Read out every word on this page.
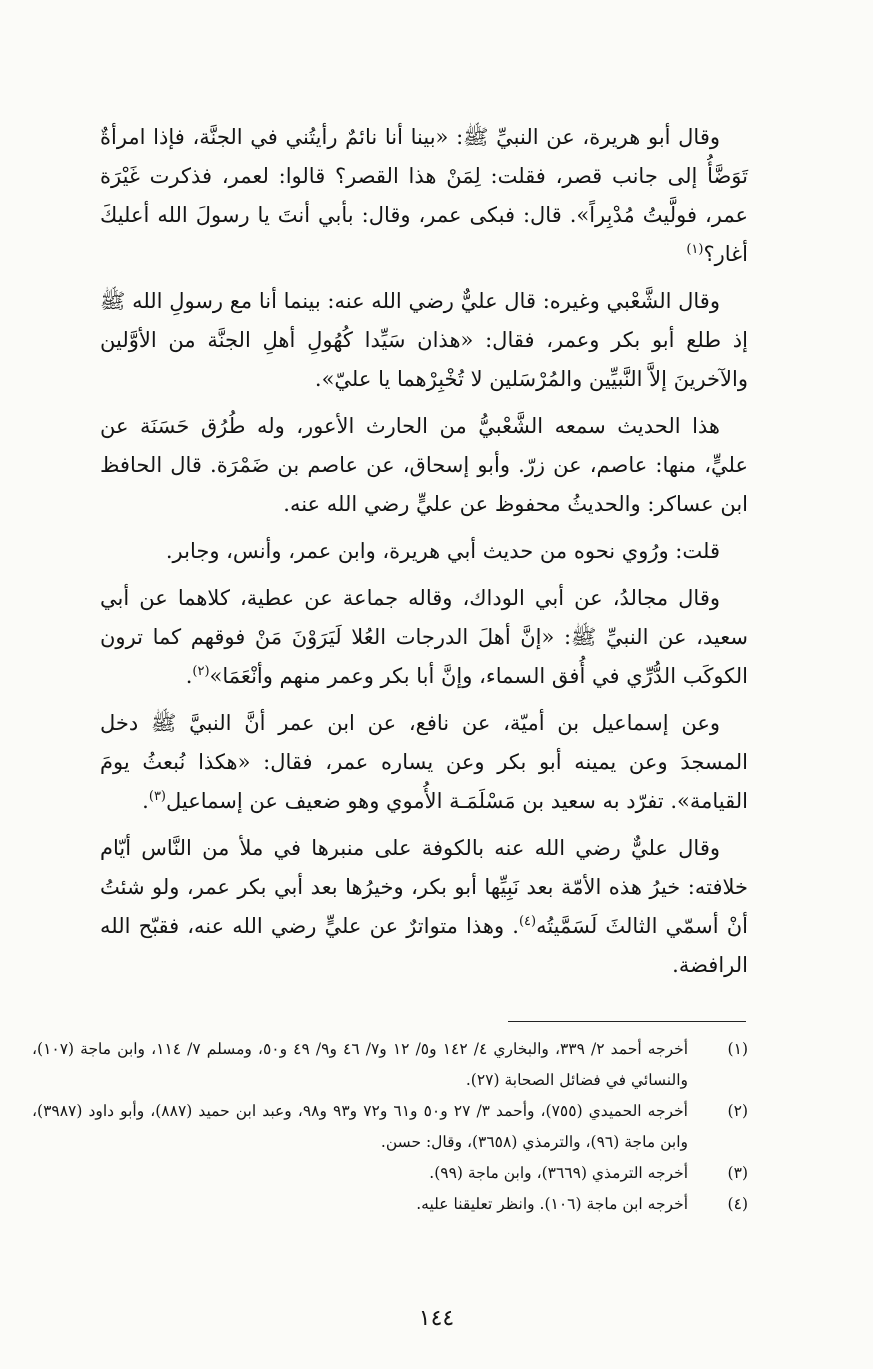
وقال أبو هريرة، عن النبيِّ ﷺ: «بينا أنا نائمٌ رأيتُني في الجنَّة، فإذا امرأةٌ تَوَضَّأُ إلى جانب قصر، فقلت: لِمَنْ هذا القصر؟ قالوا: لعمر، فذكرت غَيْرَة عمر، فولَّيتُ مُدْبِراً». قال: فبكى عمر، وقال: بأبي أنتَ يا رسولَ الله أعليكَ أغار؟$^{(١)}$

وقال الشَّعْبي وغيره: قال عليٌّ رضي الله عنه: بينما أنا مع رسولِ الله ﷺ إذ طلع أبو بكر وعمر، فقال: «هذان سَيِّدا كُهُولِ أهلِ الجنَّة من الأوَّلين والآخرينَ إلاَّ النَّبيِّين والمُرْسَلين لا تُخْبِرْهما يا عليّ».

هذا الحديث سمعه الشَّعْبيُّ من الحارث الأعور، وله طُرُق حَسَنَة عن عليٍّ، منها: عاصم، عن زرّ. وأبو إسحاق، عن عاصم بن ضَمْرَة. قال الحافظ ابن عساكر: والحديثُ محفوظ عن عليٍّ رضي الله عنه.

قلت: ورُوي نحوه من حديث أبي هريرة، وابن عمر، وأنس، وجابر.

وقال مجالدُ، عن أبي الوداك، وقاله جماعة عن عطية، كلاهما عن أبي سعيد، عن النبيِّ ﷺ: «إنَّ أهلَ الدرجات العُلا لَيَرَوْنَ مَنْ فوقهم كما ترون الكوكَب الدُّرِّي في أُفق السماء، وإنَّ أبا بكر وعمر منهم وأنْعَمَا»$^{(٢)}$.

وعن إسماعيل بن أميّة، عن نافع، عن ابن عمر أنَّ النبيَّ ﷺ دخل المسجدَ وعن يمينه أبو بكر وعن يساره عمر، فقال: «هكذا نُبعثُ يومَ القيامة». تفرّد به سعيد بن مَسْلَمَـة الأُموي وهو ضعيف عن إسماعيل$^{(٣)}$.

وقال عليٌّ رضي الله عنه بالكوفة على منبرها في ملأ من النَّاس أيّام خلافته: خيرُ هذه الأمّة بعد نَبِيِّها أبو بكر، وخيرُها بعد أبي بكر عمر، ولو شئتُ أنْ أسمّي الثالثَ لَسَمَّيتُه$^{(٤)}$. وهذا متواترٌ عن عليٍّ رضي الله عنه، فقبّح الله الرافضة.

(١)
أخرجه أحمد ٢/ ٣٣٩، والبخاري ٤/ ١٤٢ و٥/ ١٢ و٧/ ٤٦ و٩/ ٤٩ و٥٠، ومسلم ٧/ ١١٤، وابن ماجة (١٠٧)، والنسائي في فضائل الصحابة (٢٧).
(٢)
أخرجه الحميدي (٧٥٥)، وأحمد ٣/ ٢٧ و٥٠ و٦١ و٧٢ و٩٣ و٩٨، وعبد ابن حميد (٨٨٧)، وأبو داود (٣٩٨٧)، وابن ماجة (٩٦)، والترمذي (٣٦٥٨)، وقال: حسن.
(٣)
أخرجه الترمذي (٣٦٦٩)، وابن ماجة (٩٩).
(٤)
أخرجه ابن ماجة (١٠٦). وانظر تعليقنا عليه.
١٤٤
